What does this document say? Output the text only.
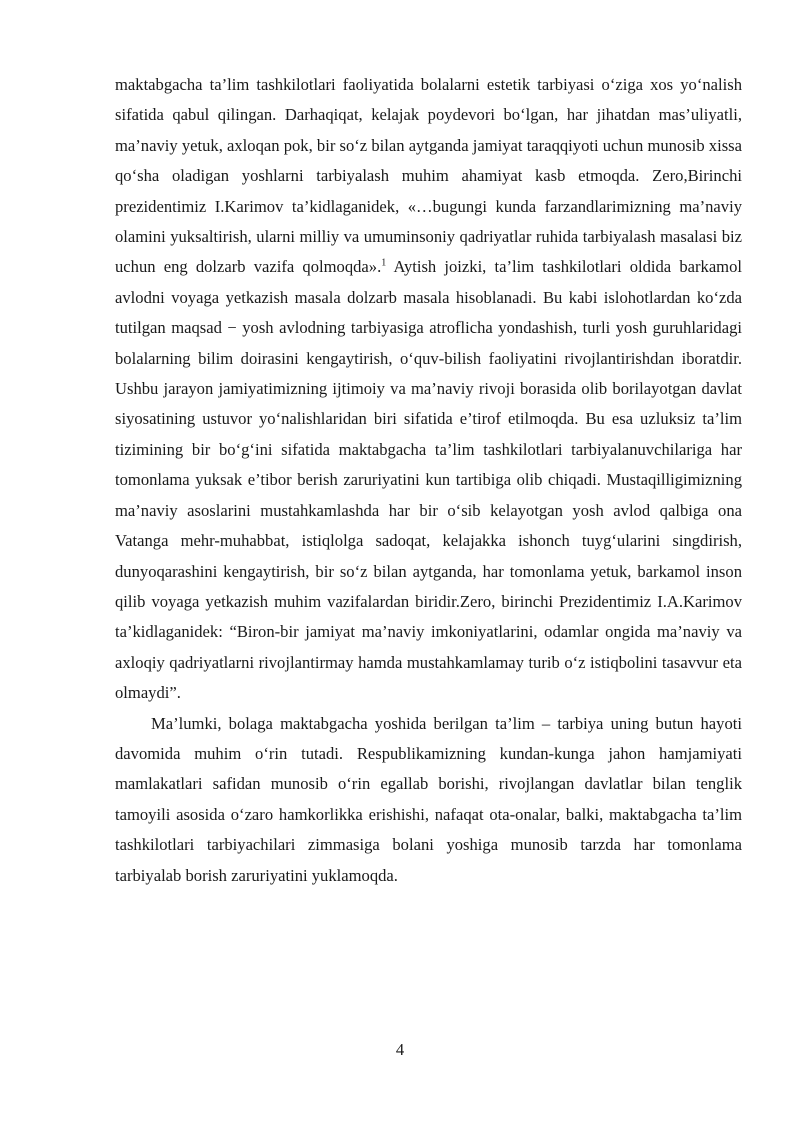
maktabgacha ta’lim tashkilotlari faoliyatida bolalarni estetik tarbiyasi o‘ziga xos yo‘nalish sifatida qabul qilingan. Darhaqiqat, kelajak poydevori bo‘lgan, har jihatdan mas’uliyatli, ma’naviy yetuk, axloqan pok, bir so‘z bilan aytganda jamiyat taraqqiyoti uchun munosib xissa qo‘sha oladigan yoshlarni tarbiyalash muhim ahamiyat kasb etmoqda. Zero,Birinchi prezidentimiz I.Karimov ta’kidlaganidek, «…bugungi kunda farzandlarimizning ma’naviy olamini yuksaltirish, ularni milliy va umuminsoniy qadriyatlar ruhida tarbiyalash masalasi biz uchun eng dolzarb vazifa qolmoqda».$^1$ Aytish joizki, ta’lim tashkilotlari oldida barkamol avlodni voyaga yetkazish masala dolzarb masala hisoblanadi. Bu kabi islohotlardan ko‘zda tutilgan maqsad − yosh avlodning tarbiyasiga atroflicha yondashish, turli yosh guruhlaridagi bolalarning bilim doirasini kengaytirish, o‘quv-bilish faoliyatini rivojlantirishdan iboratdir. Ushbu jarayon jamiyatimizning ijtimoiy va ma’naviy rivoji borasida olib borilayotgan davlat siyosatining ustuvor yo‘nalishlaridan biri sifatida e’tirof etilmoqda. Bu esa uzluksiz ta’lim tizimining bir bo‘g‘ini sifatida maktabgacha ta’lim tashkilotlari tarbiyalanuvchilariga har tomonlama yuksak e’tibor berish zaruriyatini kun tartibiga olib chiqadi. Mustaqilligimizning ma’naviy asoslarini mustahkamlashda har bir o‘sib kelayotgan yosh avlod qalbiga ona Vatanga mehr-muhabbat, istiqlolga sadoqat, kelajakka ishonch tuyg‘ularini singdirish, dunyoqarashini kengaytirish, bir so‘z bilan aytganda, har tomonlama yetuk, barkamol inson qilib voyaga yetkazish muhim vazifalardan biridir.Zero, birinchi Prezidentimiz I.A.Karimov ta’kidlaganidek: “Biron-bir jamiyat ma’naviy imkoniyatlarini, odamlar ongida ma’naviy va axloqiy qadriyatlarni rivojlantirmay hamda mustahkamlamay turib o‘z istiqbolini tasavvur eta olmaydi”.

Ma’lumki, bolaga maktabgacha yoshida berilgan ta’lim – tarbiya uning butun hayoti davomida muhim o‘rin tutadi. Respublikamizning kundan-kunga jahon hamjamiyati mamlakatlari safidan munosib o‘rin egallab borishi, rivojlangan davlatlar bilan tenglik tamoyili asosida o‘zaro hamkorlikka erishishi, nafaqat ota-onalar, balki, maktabgacha ta’lim tashkilotlari tarbiyachilari zimmasiga bolani yoshiga munosib tarzda har tomonlama tarbiyalab borish zaruriyatini yuklamoqda.

4
